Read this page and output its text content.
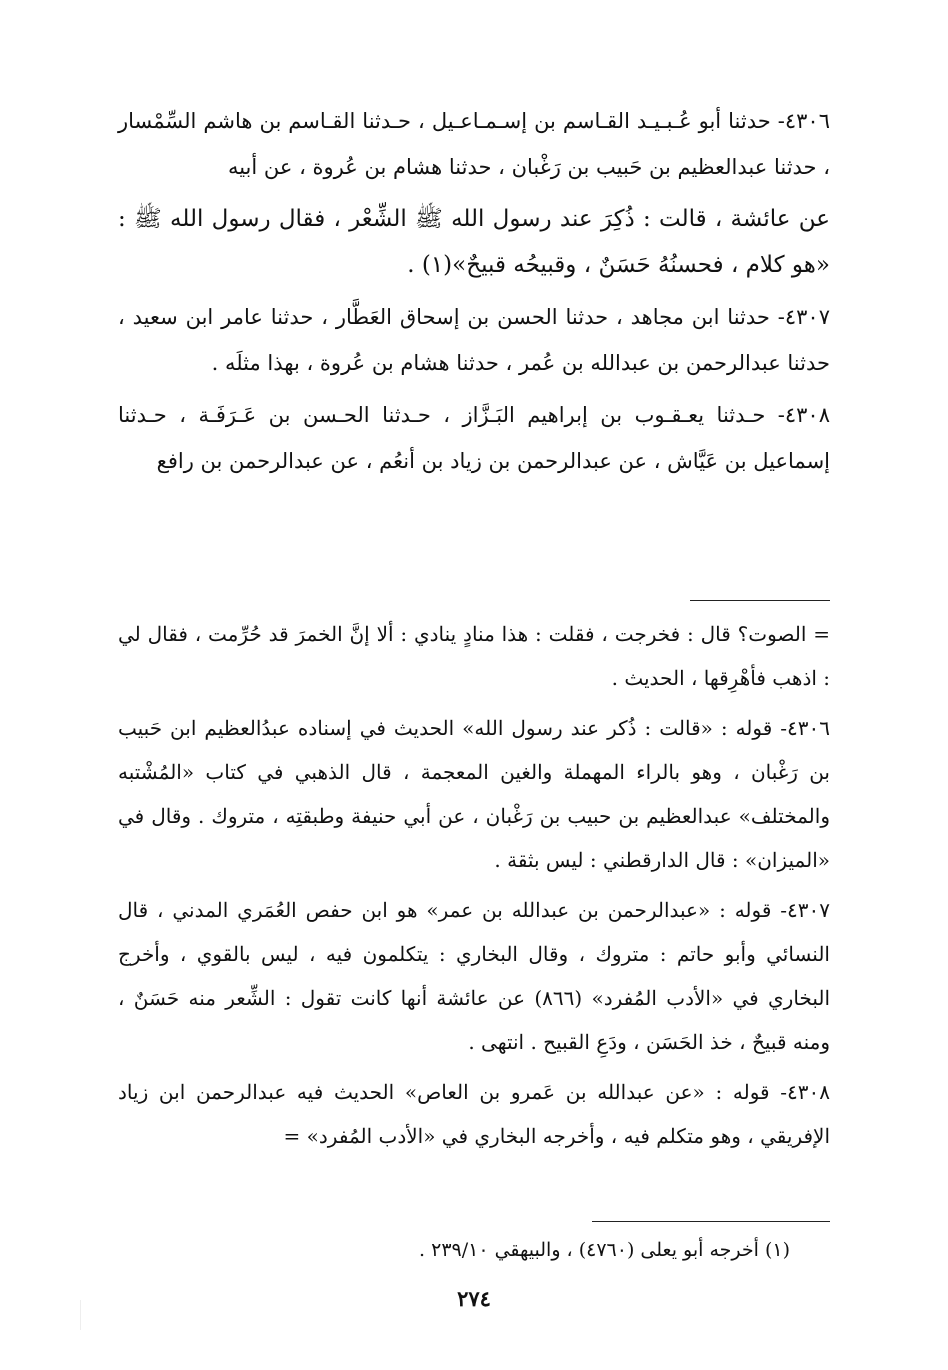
٤٣٠٦- حدثنا أبو عُـبـيـد القـاسم بن إسـمـاعـيل ، حـدثنا القـاسم بن هاشم السِّمْسار ، حدثنا عبدالعظيم بن حَبيب بن رَغْبان ، حدثنا هشام بن عُروة ، عن أبيه

عن عائشة ، قالت : ذُكِرَ عند رسول الله ﷺ الشِّعْر ، فقال رسول الله ﷺ : «هو كلام ، فحسنُهُ حَسَنٌ ، وقبيحُه قبيحٌ»(١) .

٤٣٠٧- حدثنا ابن مجاهد ، حدثنا الحسن بن إسحاق العَطَّار ، حدثنا عامر ابن سعيد ، حدثنا عبدالرحمن بن عبدالله بن عُمر ، حدثنا هشام بن عُروة ، بهذا مثلَه .

٤٣٠٨- حـدثنا يعـقـوب بن إبراهيم البَـزَّاز ، حـدثنا الحـسن بن عَـرَفَـة ، حـدثنا إسماعيل بن عَيَّاش ، عن عبدالرحمن بن زياد بن أنعُم ، عن عبدالرحمن بن رافع

= الصوت؟ قال : فخرجت ، فقلت : هذا منادٍ ينادي : ألا إنَّ الخمرَ قد حُرِّمت ، فقال لي : اذهب فأهْرِقها ، الحديث .

٤٣٠٦- قوله : «قالت : ذُكر عند رسول الله» الحديث في إسناده عبدُالعظيم ابن حَبيب بن رَغْبان ، وهو بالراء المهملة والغين المعجمة ، قال الذهبي في كتاب «المُشْتبه والمختلف» عبدالعظيم بن حبيب بن رَغْبان ، عن أبي حنيفة وطبقتِه ، متروك . وقال في «الميزان» : قال الدارقطني : ليس بثقة .

٤٣٠٧- قوله : «عبدالرحمن بن عبدالله بن عمر» هو ابن حفص العُمَري المدني ، قال النسائي وأبو حاتم : متروك ، وقال البخاري : يتكلمون فيه ، ليس بالقوي ، وأخرج البخاري في «الأدب المُفرد» (٨٦٦) عن عائشة أنها كانت تقول : الشِّعر منه حَسَنٌ ، ومنه قبيحٌ ، خذ الحَسَن ، ودَعِ القبيح . انتهى .

٤٣٠٨- قوله : «عن عبدالله بن عَمرو بن العاص» الحديث فيه عبدالرحمن ابن زياد الإفريقي ، وهو متكلم فيه ، وأخرجه البخاري في «الأدب المُفرد» =

(١) أخرجه أبو يعلى (٤٧٦٠) ، والبيهقي ٢٣٩/١٠ .
٢٧٤
